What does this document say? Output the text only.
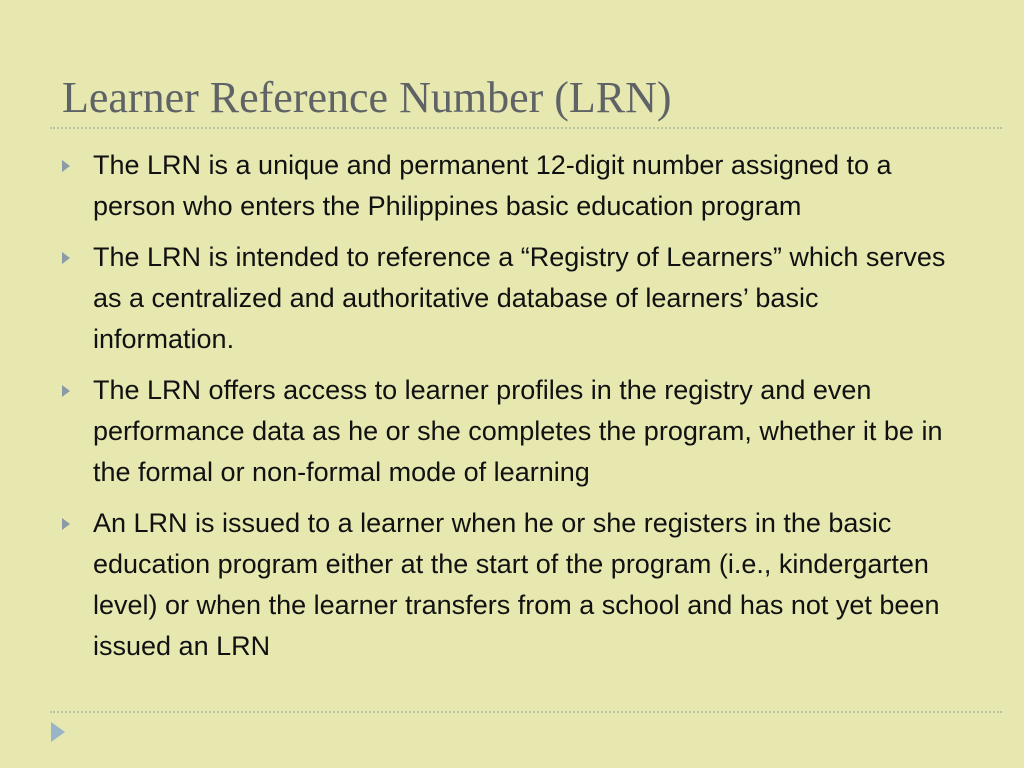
Learner Reference Number (LRN)
The LRN is a unique and permanent 12-digit number assigned to a person who enters the Philippines basic education program
The LRN is intended to reference a “Registry of Learners” which serves as a centralized and authoritative database of learners’ basic information.
The LRN offers access to learner profiles in the registry and even performance data as he or she completes the program, whether it be in the formal or non-formal mode of learning
An LRN is issued to a learner when he or she registers in the basic education program either at the start of the program (i.e., kindergarten level) or when the learner transfers from a school and has not yet been issued an LRN
